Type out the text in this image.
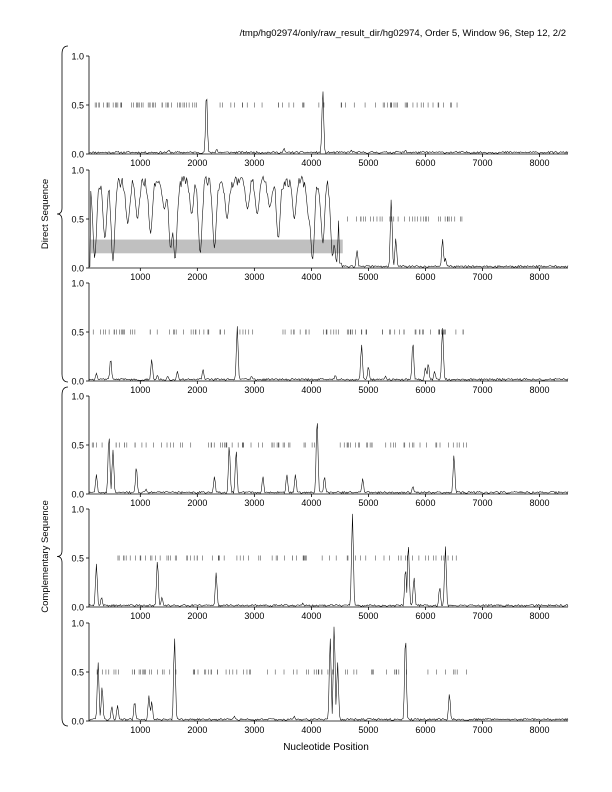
/tmp/hg02974/only/raw_result_dir/hg02974, Order 5, Window 96, Step 12, 2/2
0.0
0.5
1.0
1000	2000	3000	4000	5000	6000	7000	8000
0.0
0.5
1.0
1000	2000	3000	4000	5000	6000	7000	8000
0.0
0.5
1.0
1000	2000	3000	4000	5000	6000	7000	8000
0.0
0.5
1.0
1000	2000	3000	4000	5000	6000	7000	8000
0.0
0.5
1.0
1000	2000	3000	4000	5000	6000	7000	8000
0.0
0.5
1.0
1000	2000	3000	4000	5000	6000	7000	8000
Direct Sequence
Complementary Sequence
Nucleotide Position
